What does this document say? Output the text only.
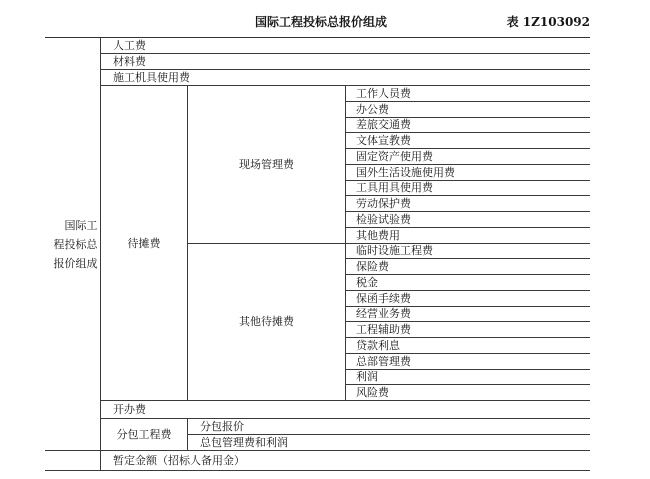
国际工程投标总报价组成	表 1Z103092
国际工程投标总报价组成
人工费
材料费
施工机具使用费
待摊费
现场管理费
其他待摊费
工作人员费
办公费
差旅交通费
文体宣教费
固定资产使用费
国外生活设施使用费
工具用具使用费
劳动保护费
检验试验费
其他费用
临时设施工程费
保险费
税金
保函手续费
经营业务费
工程辅助费
贷款利息
总部管理费
利润
风险费
开办费
分包工程费
分包报价
总包管理费和利润
暂定金额（招标人备用金）
